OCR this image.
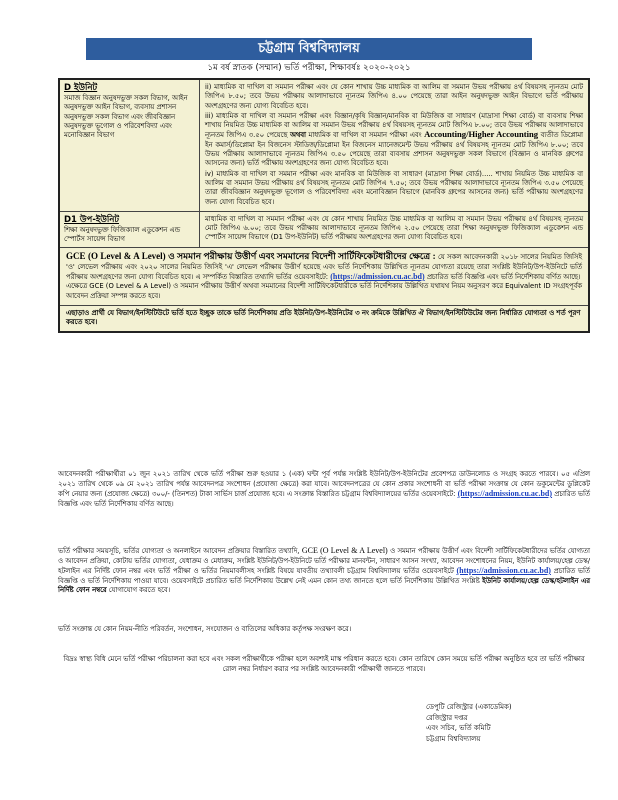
চট্টগ্রাম বিশ্ববিদ্যালয়
১ম বর্ষ স্নাতক (সম্মান) ভর্তি পরীক্ষা, শিক্ষাবর্ষঃ ২০২০-২০২১
D ইউনিট
সমাজ বিজ্ঞান অনুষদভুক্ত সকল বিভাগ, আইন অনুষদভুক্ত আইন বিভাগ, ব্যবসায় প্রশাসন অনুষদভুক্ত সকল বিভাগ এবং জীববিজ্ঞান অনুষদভুক্ত ভূগোল ও পরিবেশবিদ্যা এবং মনোবিজ্ঞান বিভাগ

ii) মাধ্যমিক বা দাখিল বা সমমান পরীক্ষা এবং যে কোন শাখায় উচ্চ মাধ্যমিক বা আলিম বা সমমান উভয় পরীক্ষায় ৪র্থ বিষয়সহ ন্যূনতম মোট জিপিএ ৮.৫০; তবে উভয় পরীক্ষায় আলাদাভাবে ন্যূনতম জিপিএ ৪.০০ পেয়েছে তারা আইন অনুষদভুক্ত আইন বিভাগে ভর্তি পরীক্ষায় অংশগ্রহণের জন্য যোগ্য বিবেচিত হবে।

iii) মাধ্যমিক বা দাখিল বা সমমান পরীক্ষা এবং বিজ্ঞান/কৃষি বিজ্ঞান/মানবিক বা মিউজিক বা সাধারণ (মাদ্রাসা শিক্ষা বোর্ড) বা ব্যবসায় শিক্ষা শাখায় নিয়মিত উচ্চ মাধ্যমিক বা আলিম বা সমমান উভয় পরীক্ষায় ৪র্থ বিষয়সহ ন্যূনতম মোট জিপিএ ৮.০০; তবে উভয় পরীক্ষায় আলাদাভাবে ন্যূনতম জিপিএ ৩.৫০ পেয়েছে অথবা মাধ্যমিক বা দাখিল বা সমমান পরীক্ষা এবং Accounting/Higher Accounting ব্যতীত ডিপ্লোমা ইন কমার্স/ডিপ্লোমা ইন বিজনেস স্টাডিজ/ডিপ্লোমা ইন বিজনেস ম্যানেজমেন্ট উভয় পরীক্ষায় ৪র্থ বিষয়সহ ন্যূনতম মোট জিপিএ ৮.০০; তবে উভয় পরীক্ষায় আলাদাভাবে ন্যূনতম জিপিএ ৩.৫০ পেয়েছে তারা ব্যবসায় প্রশাসন অনুষদভুক্ত সকল বিভাগে (বিজ্ঞান ও মানবিক গ্রুপের আসনের জন্য) ভর্তি পরীক্ষায় অংশগ্রহণের জন্য যোগ্য বিবেচিত হবে।

iv) মাধ্যমিক বা দাখিল বা সমমান পরীক্ষা এবং মানবিক বা মিউজিক বা সাধারণ (মাদ্রাসা শিক্ষা বোর্ড)..... শাখায় নিয়মিত উচ্চ মাধ্যমিক বা আলিম বা সমমান উভয় পরীক্ষায় ৪র্থ বিষয়সহ ন্যূনতম মোট জিপিএ ৭.৫০; তবে উভয় পরীক্ষায় আলাদাভাবে ন্যূনতম জিপিএ ৩.৫০ পেয়েছে তারা জীববিজ্ঞান অনুষদভুক্ত ভূগোল ও পরিবেশবিদ্যা এবং মনোবিজ্ঞান বিভাগে (মানবিক গ্রুপের আসনের জন্য) ভর্তি পরীক্ষায় অংশগ্রহণের জন্য যোগ্য বিবেচিত হবে।

D1 উপ-ইউনিট
শিক্ষা অনুষদভুক্ত ফিজিক্যাল এডুকেশন এন্ড স্পোর্টস সায়েন্স বিভাগ
মাধ্যমিক বা দাখিল বা সমমান পরীক্ষা এবং যে কোন শাখায় নিয়মিত উচ্চ মাধ্যমিক বা আলিম বা সমমান উভয় পরীক্ষায় ৪র্থ বিষয়সহ ন্যূনতম মোট জিপিএ ৬.০০; তবে উভয় পরীক্ষায় আলাদাভাবে ন্যূনতম জিপিএ ২.৫০ পেয়েছে তারা শিক্ষা অনুষদভুক্ত ফিজিক্যাল এডুকেশন এন্ড স্পোর্টস সায়েন্স বিভাগে (D1 উপ-ইউনিট) ভর্তি পরীক্ষায় অংশগ্রহণের জন্য যোগ্য বিবেচিত হবে।
GCE (O Level & A Level) ও সমমান পরীক্ষায় উত্তীর্ণ এবং সমমানের বিদেশী সার্টিফিকেটধারীদের ক্ষেত্রে : যে সকল আবেদনকারী ২০১৮ সালের নিয়মিত জিসিই 'ও' লেভেল পরীক্ষায় এবং ২০২০ সালের নিয়মিত জিসিই 'এ' লেভেল পরীক্ষায় উত্তীর্ণ হয়েছে এবং ভর্তি নির্দেশিকায় উল্লিখিত ন্যূনতম যোগ্যতা রয়েছে তারা সংশ্লিষ্ট ইউনিট/উপ-ইউনিটে ভর্তি পরীক্ষায় অংশগ্রহণের জন্য যোগ্য বিবেচিত হবে। এ সম্পর্কিত বিস্তারিত তথ্যাদি ভর্তির ওয়েবসাইটে: (https://admission.cu.ac.bd) প্রচারিত ভর্তি বিজ্ঞপ্তি এবং ভর্তি নির্দেশিকায় বর্ণিত আছে।
এক্ষেত্রে GCE (O Level & A Level) ও সমমান পরীক্ষায় উত্তীর্ণ অথবা সমমানের বিদেশী সার্টিফিকেটধারীকে ভর্তি নির্দেশিকায় উল্লিখিত যথাযথ নিয়ম অনুসরণ করে Equivalent ID সংগ্রহপূর্বক আবেদন প্রক্রিয়া সম্পন্ন করতে হবে।
এছাড়াও প্রার্থী যে বিভাগ/ইনস্টিটিউটে ভর্তি হতে ইচ্ছুক তাকে ভর্তি নির্দেশিকায় প্রতি ইউনিট/উপ-ইউনিটের ৩ নং ক্রমিকে উল্লিখিত ঐ বিভাগ/ইনস্টিটিউটের জন্য নির্ধারিত যোগ্যতা ও শর্ত পূরণ করতে হবে।
আবেদনকারী পরীক্ষার্থীরা ০১ জুন ২০২১ তারিখ থেকে ভর্তি পরীক্ষা শুরু হওয়ার ১ (এক) ঘন্টা পূর্ব পর্যন্ত সংশ্লিষ্ট ইউনিট/উপ-ইউনিটের প্রবেশপত্র ডাউনলোড ও সংগ্রহ করতে পারবে। ০৫ এপ্রিল ২০২১ তারিখ থেকে ০৯ মে ২০২১ তারিখ পর্যন্ত আবেদনপত্র সংশোধন (প্রযোজ্য ক্ষেত্রে) করা যাবে। আবেদনপত্রের যে কোন প্রকার সংশোধনী বা ভর্তি পরীক্ষা সংক্রান্ত যে কোন ডকুমেন্টের ডুপ্লিকেট কপি নেয়ার জন্য (প্রযোজ্য ক্ষেত্রে) ৩০০/- (তিনশত) টাকা সার্ভিস চার্জ প্রযোজ্য হবে। এ সংক্রান্ত বিস্তারিত চট্টগ্রাম বিশ্ববিদ্যালয়ের ভর্তির ওয়েবসাইটে: (https://admission.cu.ac.bd) প্রচারিত ভর্তি বিজ্ঞপ্তি এবং ভর্তি নির্দেশিকায় বর্ণিত আছে।
ভর্তি পরীক্ষার সময়সূচি, ভর্তির যোগ্যতা ও অনলাইনে আবেদন প্রক্রিয়ার বিস্তারিত তথ্যাদি, GCE (O Level & A Level) ও সমমান পরীক্ষায় উত্তীর্ণ এবং বিদেশী সার্টিফিকেটধারীদের ভর্তির যোগ্যতা ও আবেদন প্রক্রিয়া, কোটায় ভর্তির যোগ্যতা, যেধাক্রম ও মেধাক্রম, সংশ্লিষ্ট ইউনিট/উপ-ইউনিটে ভর্তি পরীক্ষার মানবন্টন, সাধারণ আসন সংখ্যা, আবেদন সংশোধনের নিয়ম, ইউনিট কার্যালয়/হেল্প ডেস্ক/হটলাইন এর নির্দিষ্ট ফোন নম্বর এবং ভর্তি পরীক্ষা ও ভর্তির নিয়মাবলীসহ সংশ্লিষ্ট বিষয়ে যাবতীয় তথ্যাবলী চট্টগ্রাম বিশ্ববিদ্যালয় ভর্তির ওয়েবসাইটে (https://admission.cu.ac.bd) প্রচারিত ভর্তি বিজ্ঞপ্তি ও ভর্তি নির্দেশিকায় পাওয়া যাবে। ওয়েবসাইটে প্রচারিত ভর্তি নির্দেশিকায় উল্লেখ নেই এমন কোন তথ্য জানতে হলে ভর্তি নির্দেশিকায় উল্লিখিত সংশ্লিষ্ট ইউনিট কার্যালয়/হেল্প ডেস্ক/হটলাইন এর নির্দিষ্ট ফোন নম্বরে যোগাযোগ করতে হবে।
ভর্তি সংক্রান্ত যে কোন নিয়ম-নীতি পরিবর্তন, সংশোধন, সংযোজন ও বাতিলের অধিকার কর্তৃপক্ষ সংরক্ষণ করে।
বিদ্রঃ স্বাস্থ্য বিধি মেনে ভর্তি পরীক্ষা পরিচালনা করা হবে এবং সকল পরীক্ষার্থীকে পরীক্ষা হলে অবশ্যই মাস্ক পরিধান করতে হবে। কোন তারিখে কোন সময়ে ভর্তি পরীক্ষা অনুষ্ঠিত হবে তা ভর্তি পরীক্ষার রোল নম্বর নির্ধারণ করার পর সংশ্লিষ্ট আবেদনকারী পরীক্ষার্থী জানতে পারবে।
ডেপুটি রেজিস্ট্রার (একাডেমিক)
রেজিস্ট্রার দপ্তর
এবং সচিব, ভর্তি কমিটি
চট্টগ্রাম বিশ্ববিদ্যালয়
